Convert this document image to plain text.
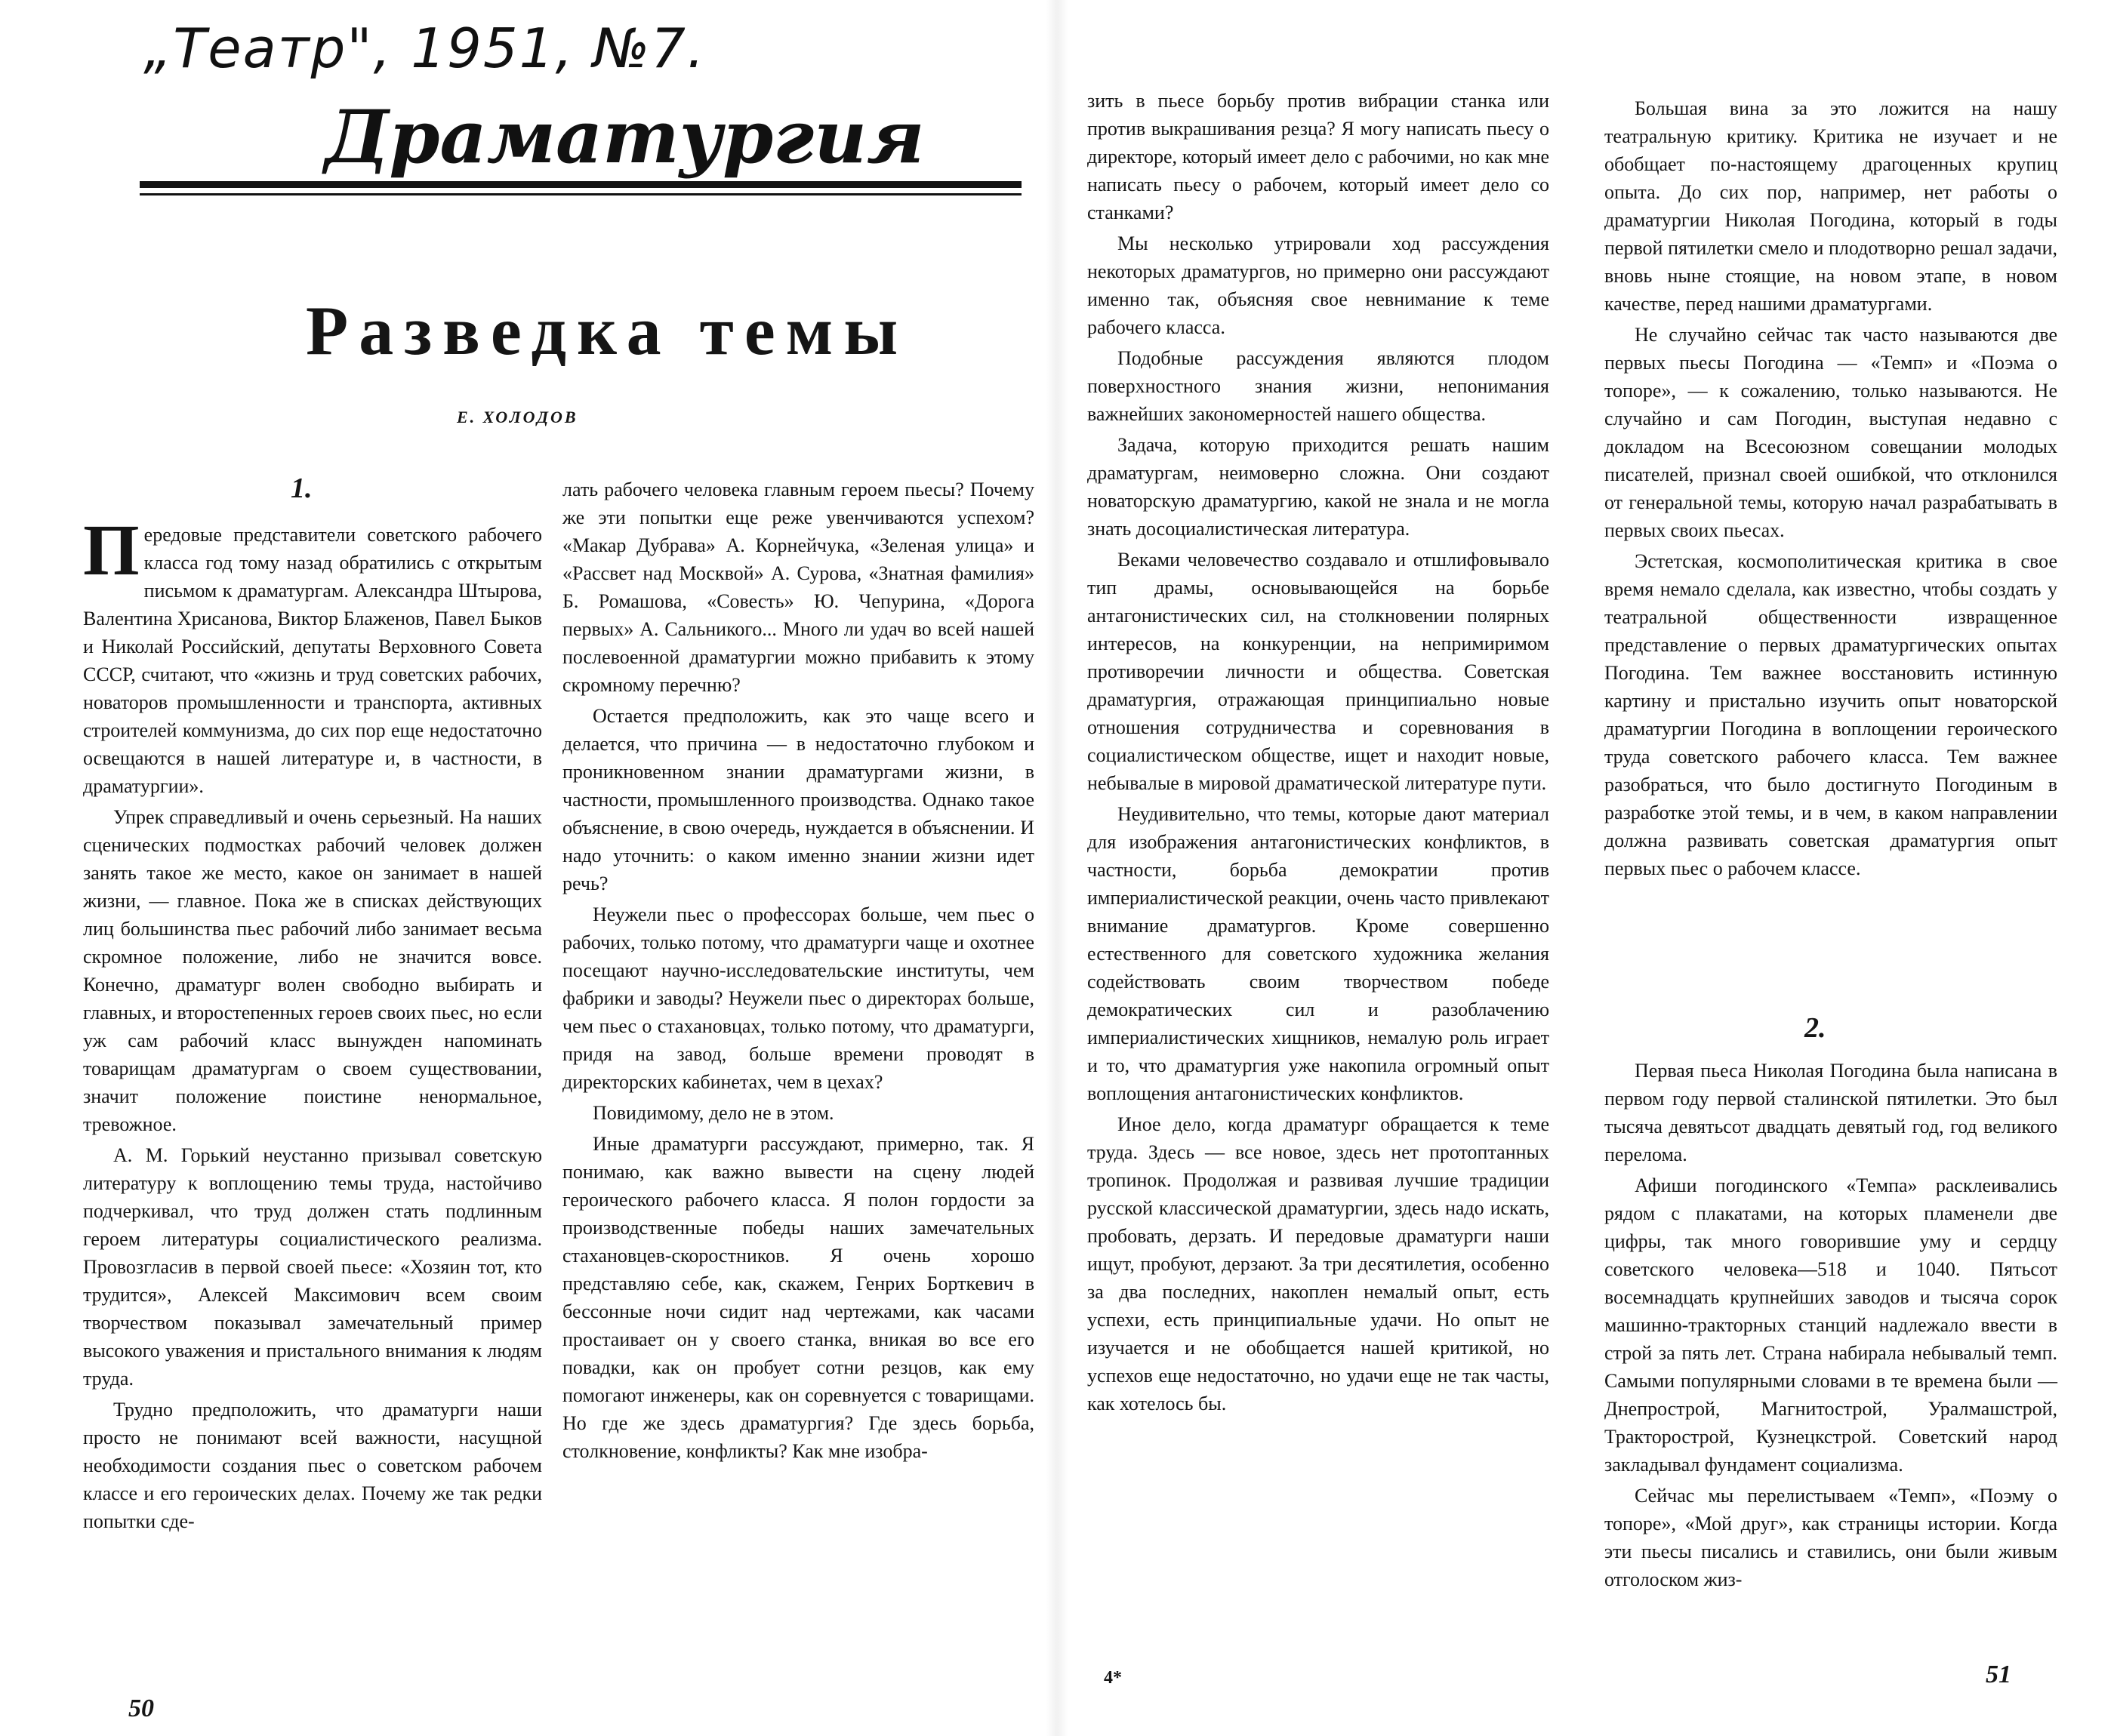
„Театр", 1951, №7.
Драматургия
Разведка темы
Е. ХОЛОДОВ
1.

Передовые представители советского рабочего класса год тому назад обратились с открытым письмом к драматургам. Александра Штырова, Валентина Хрисанова, Виктор Блаженов, Павел Быков и Николай Российский, депутаты Верховного Совета СССР, считают, что «жизнь и труд советских рабочих, новаторов промышленности и транспорта, активных строителей коммунизма, до сих пор еще недостаточно освещаются в нашей литературе и, в частности, в драматургии».

Упрек справедливый и очень серьезный. На наших сценических подмостках рабочий человек должен занять такое же место, какое он занимает в нашей жизни, — главное. Пока же в списках действующих лиц большинства пьес рабочий либо занимает весьма скромное положение, либо не значится вовсе. Конечно, драматург волен свободно выбирать и главных, и второстепенных героев своих пьес, но если уж сам рабочий класс вынужден напоминать товарищам драматургам о своем существовании, значит положение поистине ненормальное, тревожное.

А. М. Горький неустанно призывал советскую литературу к воплощению темы труда, настойчиво подчеркивал, что труд должен стать подлинным героем литературы социалистического реализма. Провозгласив в первой своей пьесе: «Хозяин тот, кто трудится», Алексей Максимович всем своим творчеством показывал замечательный пример высокого уважения и пристального внимания к людям труда.

Трудно предположить, что драматурги наши просто не понимают всей важности, насущной необходимости создания пьес о советском рабочем классе и его героических делах. Почему же так редки попытки сде-

лать рабочего человека главным героем пьесы? Почему же эти попытки еще реже увенчиваются успехом? «Макар Дубрава» А. Корнейчука, «Зеленая улица» и «Рассвет над Москвой» А. Сурова, «Знатная фамилия» Б. Ромашова, «Совесть» Ю. Чепурина, «Дорога первых» А. Сальникого... Много ли удач во всей нашей послевоенной драматургии можно прибавить к этому скромному перечню?

Остается предположить, как это чаще всего и делается, что причина — в недостаточно глубоком и проникновенном знании драматургами жизни, в частности, промышленного производства. Однако такое объяснение, в свою очередь, нуждается в объяснении. И надо уточнить: о каком именно знании жизни идет речь?

Неужели пьес о профессорах больше, чем пьес о рабочих, только потому, что драматурги чаще и охотнее посещают научно-исследовательские институты, чем фабрики и заводы? Неужели пьес о директорах больше, чем пьес о стахановцах, только потому, что драматурги, придя на завод, больше времени проводят в директорских кабинетах, чем в цехах?

Повидимому, дело не в этом.

Иные драматурги рассуждают, примерно, так. Я понимаю, как важно вывести на сцену людей героического рабочего класса. Я полон гордости за производственные победы наших замечательных стахановцев-скоростников. Я очень хорошо представляю себе, как, скажем, Генрих Борткевич в бессонные ночи сидит над чертежами, как часами простаивает он у своего станка, вникая во все его повадки, как он пробует сотни резцов, как ему помогают инженеры, как он соревнуется с товарищами. Но где же здесь драматургия? Где здесь борьба, столкновение, конфликты? Как мне изобра-

зить в пьесе борьбу против вибрации станка или против выкрашивания резца? Я могу написать пьесу о директоре, который имеет дело с рабочими, но как мне написать пьесу о рабочем, который имеет дело со станками?

Мы несколько утрировали ход рассуждения некоторых драматургов, но примерно они рассуждают именно так, объясняя свое невнимание к теме рабочего класса.

Подобные рассуждения являются плодом поверхностного знания жизни, непонимания важнейших закономерностей нашего общества.

Задача, которую приходится решать нашим драматургам, неимоверно сложна. Они создают новаторскую драматургию, какой не знала и не могла знать досоциалистическая литература.

Веками человечество создавало и отшлифовывало тип драмы, основывающейся на борьбе антагонистических сил, на столкновении полярных интересов, на конкуренции, на непримиримом противоречии личности и общества. Советская драматургия, отражающая принципиально новые отношения сотрудничества и соревнования в социалистическом обществе, ищет и находит новые, небывалые в мировой драматической литературе пути.

Неудивительно, что темы, которые дают материал для изображения антагонистических конфликтов, в частности, борьба демократии против империалистической реакции, очень часто привлекают внимание драматургов. Кроме совершенно естественного для советского художника желания содействовать своим творчеством победе демократических сил и разоблачению империалистических хищников, немалую роль играет и то, что драматургия уже накопила огромный опыт воплощения антагонистических конфликтов.

Иное дело, когда драматург обращается к теме труда. Здесь — все новое, здесь нет протоптанных тропинок. Продолжая и развивая лучшие традиции русской классической драматургии, здесь надо искать, пробовать, дерзать. И передовые драматурги наши ищут, пробуют, дерзают. За три десятилетия, особенно за два последних, накоплен немалый опыт, есть успехи, есть принципиальные удачи. Но опыт не изучается и не обобщается нашей критикой, но успехов еще недостаточно, но удачи еще не так часты, как хотелось бы.

Большая вина за это ложится на нашу театральную критику. Критика не изучает и не обобщает по-настоящему драгоценных крупиц опыта. До сих пор, например, нет работы о драматургии Николая Погодина, который в годы первой пятилетки смело и плодотворно решал задачи, вновь ныне стоящие, на новом этапе, в новом качестве, перед нашими драматургами.

Не случайно сейчас так часто называются две первых пьесы Погодина — «Темп» и «Поэма о топоре», — к сожалению, только называются. Не случайно и сам Погодин, выступая недавно с докладом на Всесоюзном совещании молодых писателей, признал своей ошибкой, что отклонился от генеральной темы, которую начал разрабатывать в первых своих пьесах.

Эстетская, космополитическая критика в свое время немало сделала, как известно, чтобы создать у театральной общественности извращенное представление о первых драматургических опытах Погодина. Тем важнее восстановить истинную картину и пристально изучить опыт новаторской драматургии Погодина в воплощении героического труда советского рабочего класса. Тем важнее разобраться, что было достигнуто Погодиным в разработке этой темы, и в чем, в каком направлении должна развивать советская драматургия опыт первых пьес о рабочем классе.

2.

Первая пьеса Николая Погодина была написана в первом году первой сталинской пятилетки. Это был тысяча девятьсот двадцать девятый год, год великого перелома.

Афиши погодинского «Темпа» расклеивались рядом с плакатами, на которых пламенели две цифры, так много говорившие уму и сердцу советского человека—518 и 1040. Пятьсот восемнадцать крупнейших заводов и тысяча сорок машинно-тракторных станций надлежало ввести в строй за пять лет. Страна набирала небывалый темп. Самыми популярными словами в те времена были — Днепрострой, Магнитострой, Уралмашстрой, Тракторострой, Кузнецкстрой. Советский народ закладывал фундамент социализма.

Сейчас мы перелистываем «Темп», «Поэму о топоре», «Мой друг», как страницы истории. Когда эти пьесы писались и ставились, они были живым отголоском жиз-

50
4*	51
